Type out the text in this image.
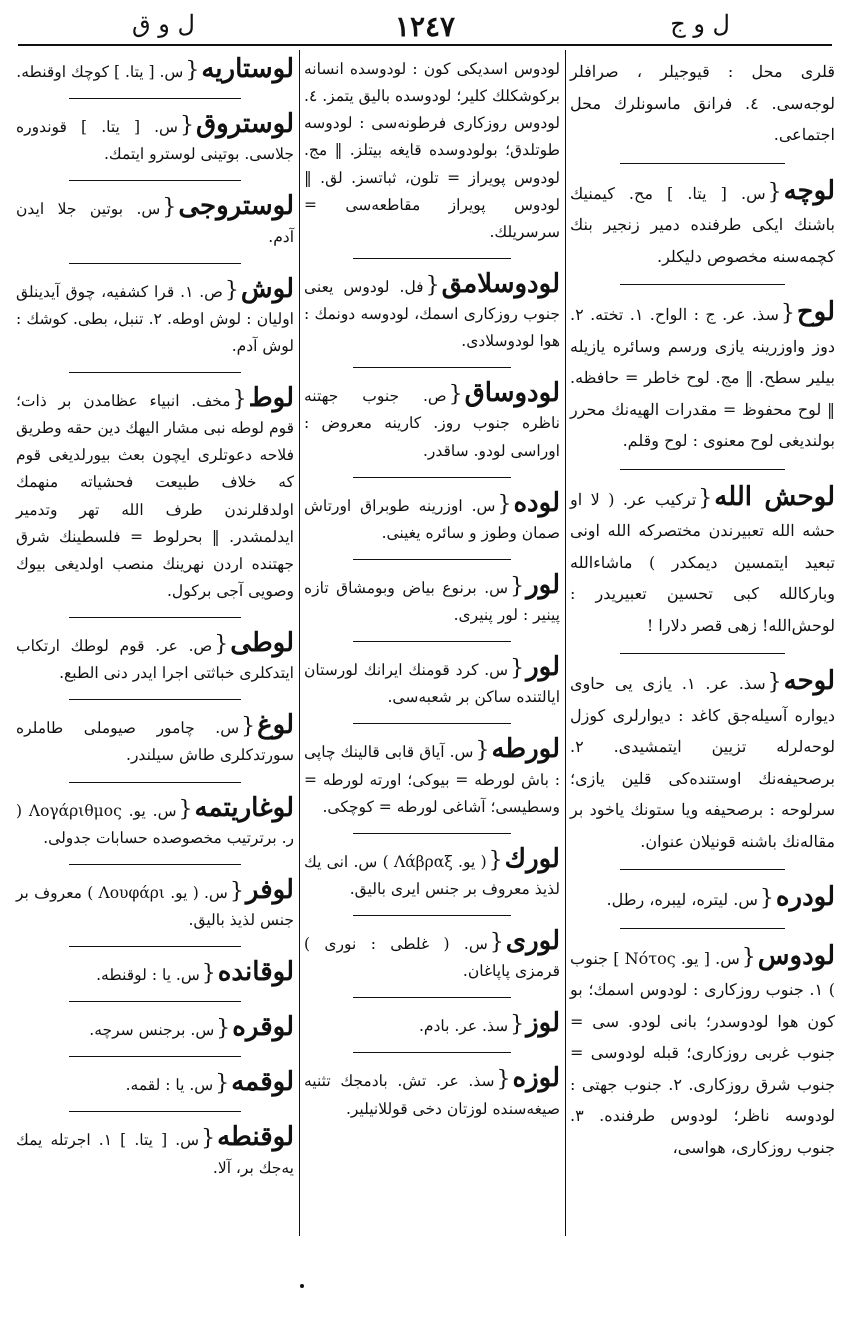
ل و ق	١٢٤٧	ل و ج

قلرى محل : قيوجيلر ، صرافلر لوجه‌سى. ٤. فرانق ماسونلرك محل اجتماعى.

لوچه{س. [ يتا. ] مح. كيمنيك باشنك ايكى طرفنده دمير زنجير بنك كچمه‌سنه مخصوص دليكلر.

لوح{سذ. عر. ج : الواح. ١. تخته. ٢. دوز واوزرينه يازى ورسم وسائره يازيله بيلير سطح. ‖ مج. لوح خاطر = حافظه. ‖ لوح محفوظ = مقدرات الهيه‌نك محرر بولنديغى لوح معنوى : لوح وقلم.

لوحش الله{تركيب عر. ( لا او حشه الله تعبيرندن مختصركه الله اونى تبعيد ايتمسين ديمكدر ) ماشاءالله وباركالله كبى تحسين تعبيريدر : لوحش‌الله! زهى قصر دلارا !

لوحه{سذ. عر. ١. يازى يى حاوى ديواره آسيله‌جق كاغد : ديوارلرى كوزل لوحه‌لرله تزيين ايتمشيدى. ٢. برصحيفه‌نك اوستنده‌كى قلين يازى؛ سرلوحه : برصحيفه ويا ستونك ياخود بر مقاله‌نك باشنه قونيلان عنوان.

لودره{س. ليتره، ليبره، رطل.

لودوس{س. [ يو. Νότος ] جنوب ) ١. جنوب روزكارى : لودوس اسمك؛ بو كون هوا لودوسدر؛ بانى لودو. سى = جنوب غربى روزكارى؛ قبله لودوسى = جنوب شرق روزكارى. ٢. جنوب جهتى : لودوسه ناظر؛ لودوس طرفنده. ٣. جنوب روزكارى، هواسى،

لودوس اسديكى كون : لودوسده انسانه بركوشكلك كلير؛ لودوسده باليق يتمز. ٤. لودوس روزكارى فرطونه‌سى : لودوسه طوتلدق؛ بولودوسده قايغه بيتلز. ‖ مج. لودوس پويراز = تلون، ثباتسز. لق. ‖ لودوس پويراز مقاطعه‌سى = سرسريلك.

لودوسلامق{فل. لودوس يعنى جنوب روزكارى اسمك، لودوسه دونمك : هوا لودوسلادى.

لودوساق{ص. جنوب جهتنه ناظره جنوب روز. كارينه معروض : اوراسى لودو. ساقدر.

لوده{س. اوزرينه طوبراق اورتاش صمان وطوز و سائره يغينى.

لور{س. برنوع بياض وبومشاق تازه پينير : لور پنيرى.

لور{س. كرد قومنك ايرانك لورستان ايالتنده ساكن بر شعبه‌سى.

لورطه{س. آياق قابى قالينك چاپى : باش لورطه = بيوكى؛ اورته لورطه = وسطيسى؛ آشاغى لورطه = كوچكى.

لورك{( يو. Λάβραξ ) س. انى يك لذيذ معروف بر جنس ايرى باليق.

لورى{س. ( غلطى : نورى ) قرمزى پاپاغان.

لوز{سذ. عر. بادم.

لوزه{سذ. عر. تش. بادمجك تثنيه صيغه‌سنده لوزتان دخى قوللانيلير.

لوستاريه{س. [ يتا. ] كوچك اوقنطه.

لوستروق{س. [ يتا. ] قوندوره جلاسى. بوتينى لوسترو ايتمك.

لوستروجى{س. بوتين جلا ايدن آدم.

لوش{ص. ١. قرا كشفيه، چوق آيدينلق اوليان : لوش اوطه. ٢. تنبل، بطى. كوشك : لوش آدم.

لوط{مخف. انبياء عظامدن بر ذات؛ قوم لوطه نبى مشار اليهك دين حقه وطريق فلاحه دعوتلرى ايچون بعث بيورلديغى قوم كه خلاف طبيعت فحشياته منهمك اولدقلرندن طرف الله تهر وتدمير ايدلمشدر. ‖ بحرلوط = فلسطينك شرق جهتنده اردن نهرينك منصب اولديغى بيوك وصويى آجى بركول.

لوطى{ص. عر. قوم لوطك ارتكاب ايتدكلرى خباثتى اجرا ايدر دنى الطبع.

لوغ{س. چامور صيوملى طاملرە سورتدكلرى طاش سيلندر.

لوغاريتمه{س. يو. Λογάριθμος ( ر. برترتيب مخصوصده حسابات جدولى.

لوفر{س. ( يو. Λουφάρι ) معروف بر جنس لذيذ باليق.

لوقانده{س. يا : لوقنطه.

لوقره{س. برجنس سرچه.

لوقمه{س. يا : لقمه.

لوقنطه{س. [ يتا. ] ١. اجرتله يمك يه‌جك بر، آلا.
